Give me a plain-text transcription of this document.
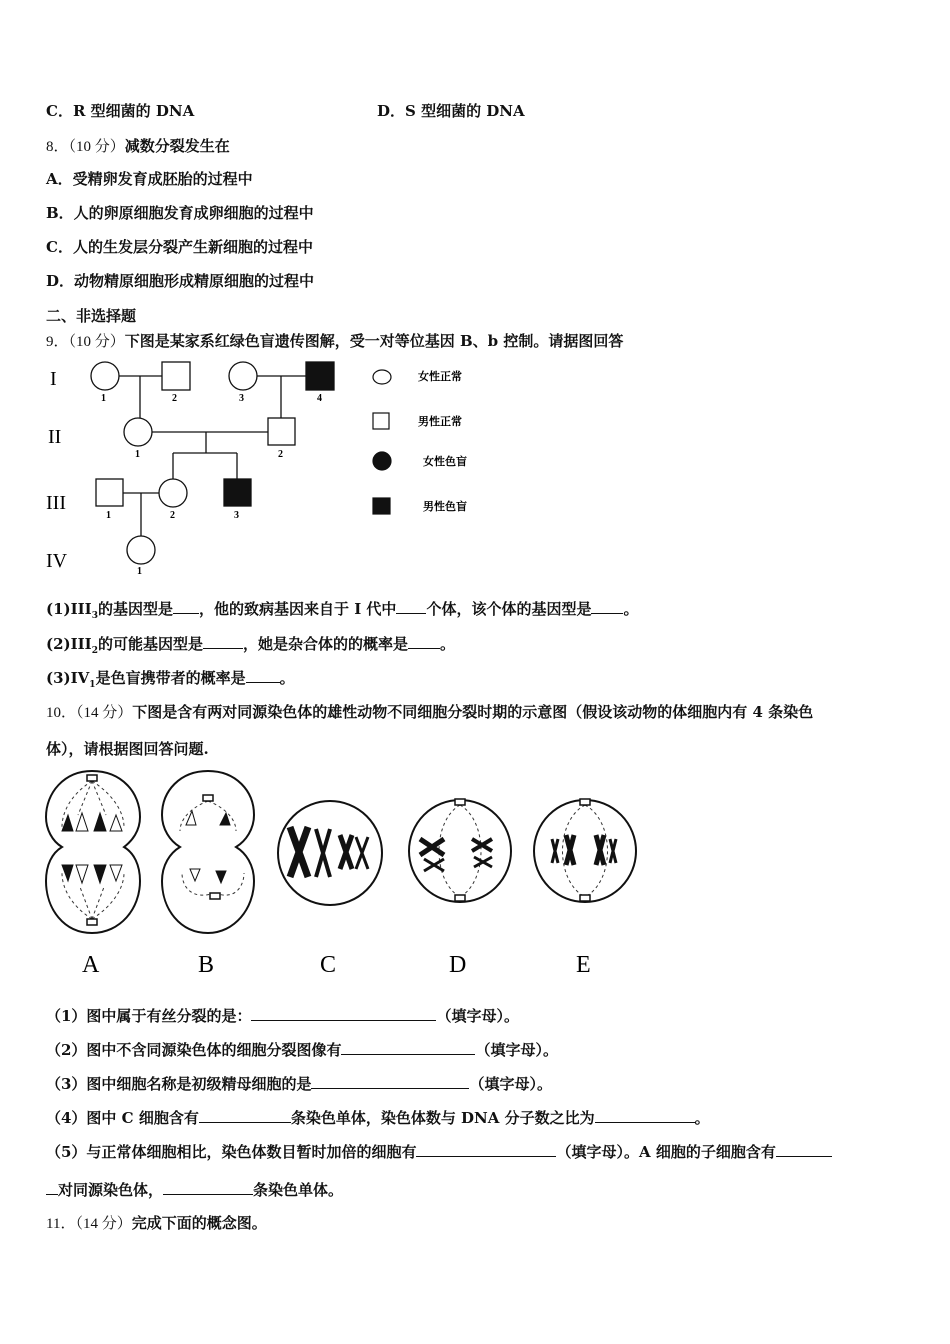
C．R 型细菌的 DNA	D．S 型细菌的 DNA
8．（10 分）减数分裂发生在
A．受精卵发育成胚胎的过程中
B．人的卵原细胞发育成卵细胞的过程中
C．人的生发层分裂产生新细胞的过程中
D．动物精原细胞形成精原细胞的过程中
二、非选择题
9．（10 分）下图是某家系红绿色盲遗传图解，受一对等位基因 B、b 控制。请据图回答
I
II
III
IV
1	2	3	4
1	2
1	2	3
1
女性正常
男性正常
女性色盲
男性色盲
$(1)III_3$的基因型是 ，他的致病基因来自于 I 代中 个体，该个体的基因型是 。
$(2)III_2$的可能基因型是	，她是杂合体的的概率是 。
$(3)IV_1$是色盲携带者的概率是 。
10．（14 分）下图是含有两对同源染色体的雄性动物不同细胞分裂时期的示意图（假设该动物的体细胞内有 4 条染色
体），请根据图回答问题.
A	B	C	D	E
（1）图中属于有丝分裂的是：	（填字母）。
（2）图中不含同源染色体的细胞分裂图像有	（填字母）。
（3）图中细胞名称是初级精母细胞的是	（填字母）。
（4）图中 C 细胞含有	条染色单体，染色体数与 DNA 分子数之比为	。
（5）与正常体细胞相比，染色体数目暂时加倍的细胞有	（填字母）。A 细胞的子细胞含有
对同源染色体，	条染色单体。
11．（14 分）完成下面的概念图。
